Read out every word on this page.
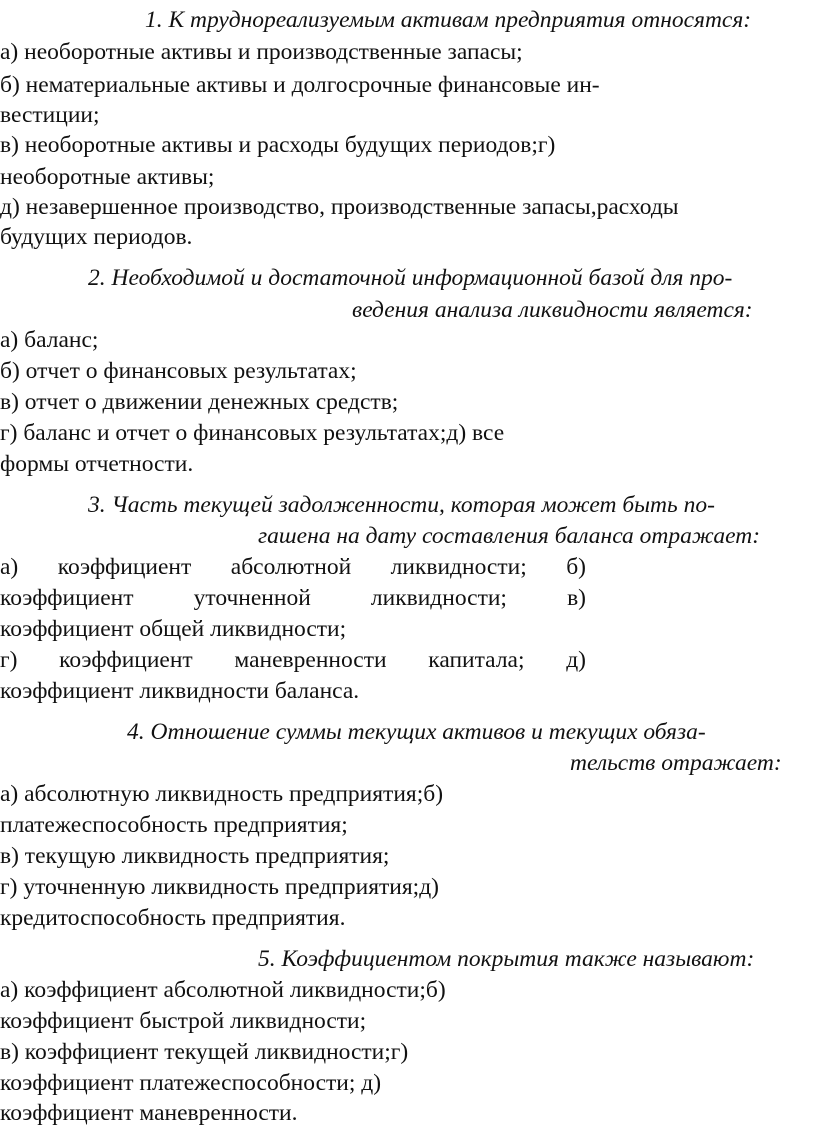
1. К труднореализуемым активам предприятия относятся:
а) необоротные активы и производственные запасы;
б) нематериальные активы и долгосрочные финансовые ин-
вестиции;
в) необоротные активы и расходы будущих периодов;г)
необоротные активы;
д) незавершенное производство, производственные запасы,расходы
будущих периодов.
2. Необходимой и достаточной информационной базой для про-
ведения анализа ликвидности является:
а) баланс;
б) отчет о финансовых результатах;
в) отчет о движении денежных средств;
г) баланс и отчет о финансовых результатах;д) все
формы отчетности.
3. Часть текущей задолженности, которая может быть по-
гашена на дату составления баланса отражает:
а) коэффициент абсолютной ликвидности; б)
коэффициент уточненной ликвидности; в)
коэффициент общей ликвидности;
г) коэффициент маневренности капитала; д)
коэффициент ликвидности баланса.
4. Отношение суммы текущих активов и текущих обяза-
тельств отражает:
а) абсолютную ликвидность предприятия;б)
платежеспособность предприятия;
в) текущую ликвидность предприятия;
г) уточненную ликвидность предприятия;д)
кредитоспособность предприятия.
5. Коэффициентом покрытия также называют:
а) коэффициент абсолютной ликвидности;б)
коэффициент быстрой ликвидности;
в) коэффициент текущей ликвидности;г)
коэффициент платежеспособности; д)
коэффициент маневренности.
